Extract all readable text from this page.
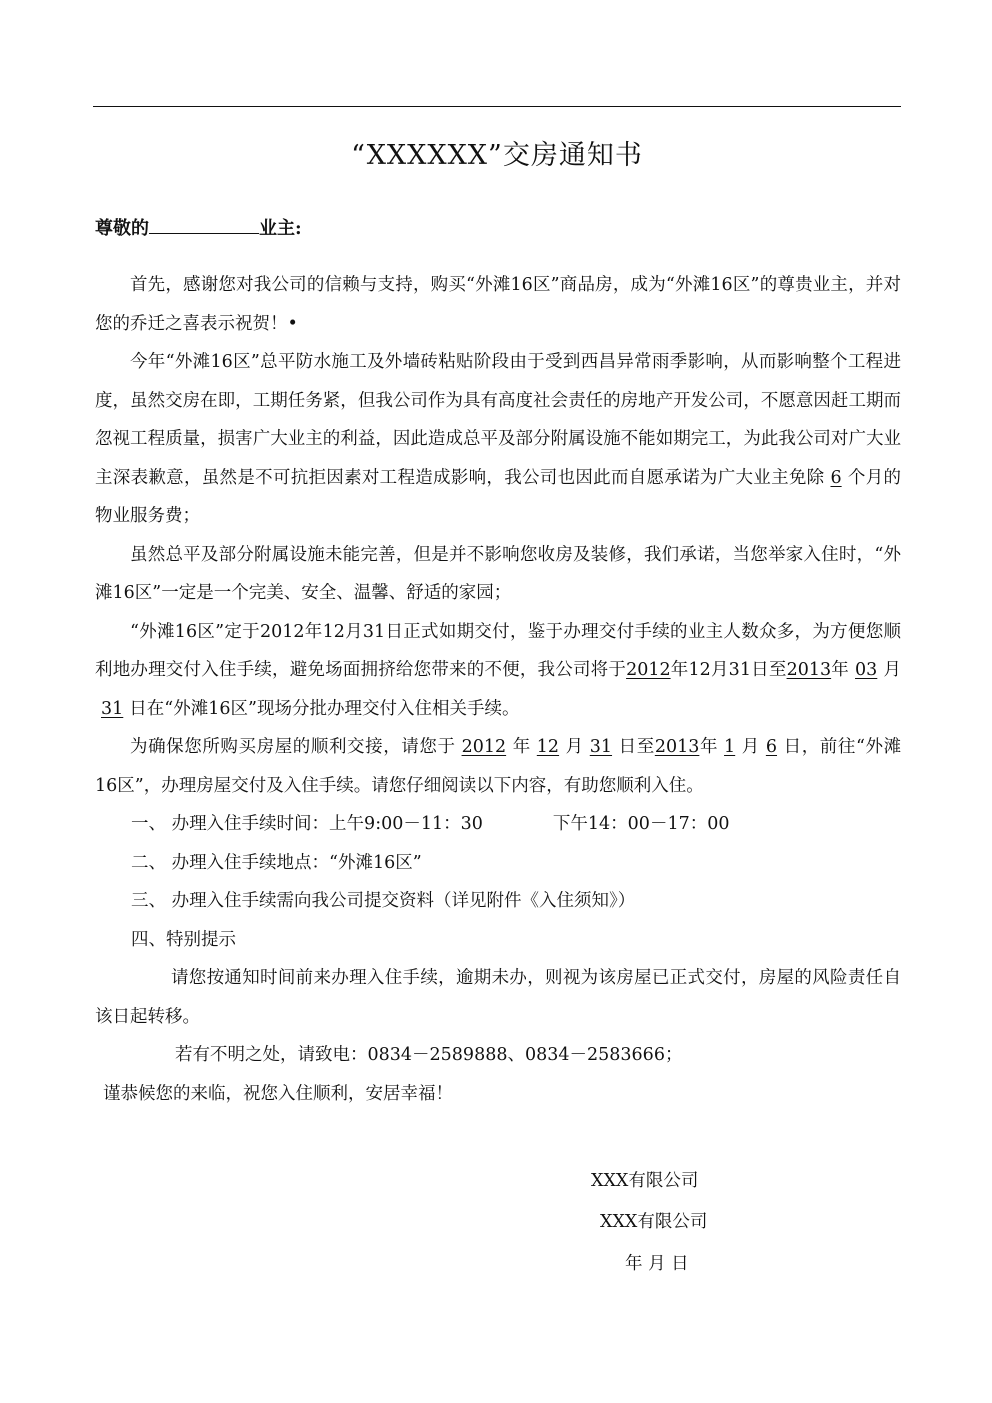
“XXXXXX”交房通知书
尊敬的	业主:

首先，感谢您对我公司的信赖与支持，购买“外滩16区”商品房，成为“外滩16区”的尊贵业主，并对您的乔迁之喜表示祝贺！•

今年“外滩16区”总平防水施工及外墙砖粘贴阶段由于受到西昌异常雨季影响，从而影响整个工程进度，虽然交房在即，工期任务紧，但我公司作为具有高度社会责任的房地产开发公司，不愿意因赶工期而忽视工程质量，损害广大业主的利益，因此造成总平及部分附属设施不能如期完工，为此我公司对广大业主深表歉意，虽然是不可抗拒因素对工程造成影响，我公司也因此而自愿承诺为广大业主免除 6 个月的物业服务费；

虽然总平及部分附属设施未能完善，但是并不影响您收房及装修，我们承诺，当您举家入住时，“外滩16区”一定是一个完美、安全、温馨、舒适的家园；

“外滩16区”定于2012年12月31日正式如期交付，鉴于办理交付手续的业主人数众多，为方便您顺利地办理交付入住手续，避免场面拥挤给您带来的不便，我公司将于2012年12月31日至2013年 03 月31 日在“外滩16区”现场分批办理交付入住相关手续。

为确保您所购买房屋的顺利交接，请您于 2012 年 12 月 31 日至2013年 1 月 6 日，前往“外滩16区”，办理房屋交付及入住手续。请您仔细阅读以下内容，有助您顺利入住。

一、 办理入住手续时间：上午9:00－11：30	下午14：00－17：00

二、 办理入住手续地点：“外滩16区”

三、 办理入住手续需向我公司提交资料（详见附件《入住须知》）

四、特别提示

请您按通知时间前来办理入住手续，逾期未办，则视为该房屋已正式交付，房屋的风险责任自该日起转移。

若有不明之处，请致电：0834－2589888、0834－2583666；

谨恭候您的来临，祝您入住顺利，安居幸福！

XXX有限公司
XXX有限公司
年 月 日
